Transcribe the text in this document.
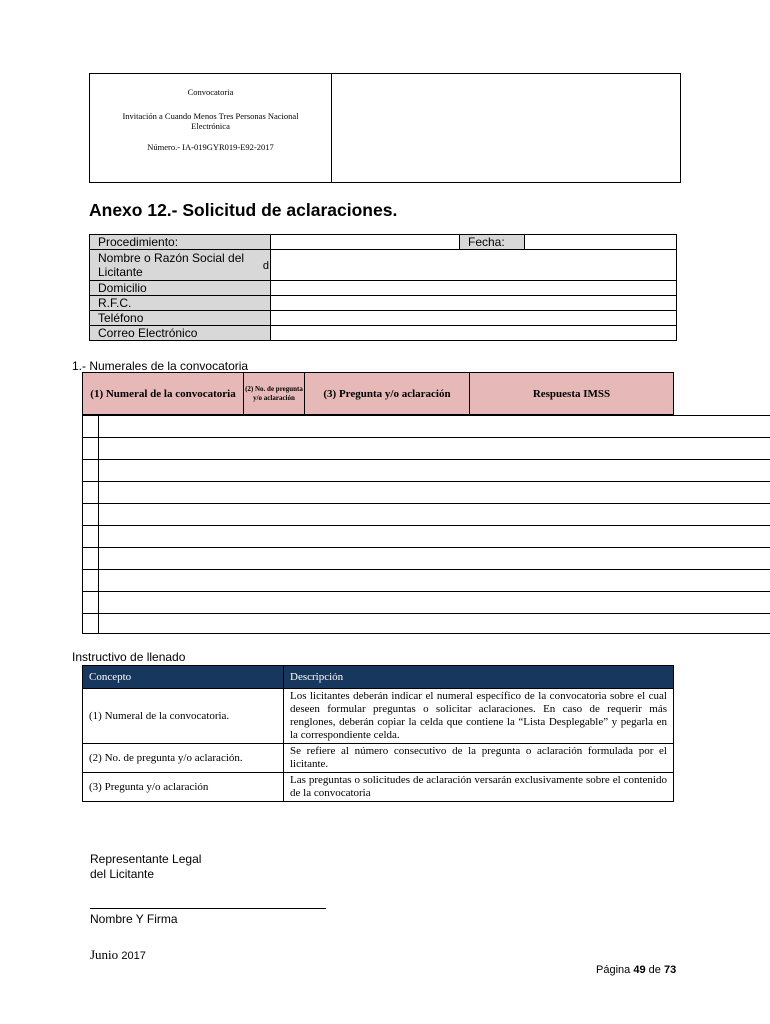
Convocatoria
Invitación a Cuando Menos Tres Personas Nacional Electrónica
Número.- IA-019GYR019-E92-2017
Anexo 12.- Solicitud de aclaraciones.
Procedimiento:		Fecha:	

Nombre o Razón Social del
Licitante d			

Domicilio			
R.F.C.			
Teléfono			
Correo Electrónico			
1.- Numerales de la convocatoria
(1) Numeral de la convocatoria	(2) No. de pregunta y/o aclaración	(3) Pregunta y/o aclaración	Respuesta IMSS
Instructivo de llenado
Concepto	Descripción
(1) Numeral de la convocatoria.	Los licitantes deberán indicar el numeral específico de la convocatoria sobre el cual deseen formular preguntas o solicitar aclaraciones. En caso de requerir más renglones, deberán copiar la celda que contiene la “Lista Desplegable” y pegarla en la correspondiente celda.
(2) No. de pregunta y/o aclaración.	Se refiere al número consecutivo de la pregunta o aclaración formulada por el licitante.
(3) Pregunta y/o aclaración	Las preguntas o solicitudes de aclaración versarán exclusivamente sobre el contenido de la convocatoria
Representante Legal
del Licitante
Nombre Y Firma
Junio 2017
Página 49 de 73
